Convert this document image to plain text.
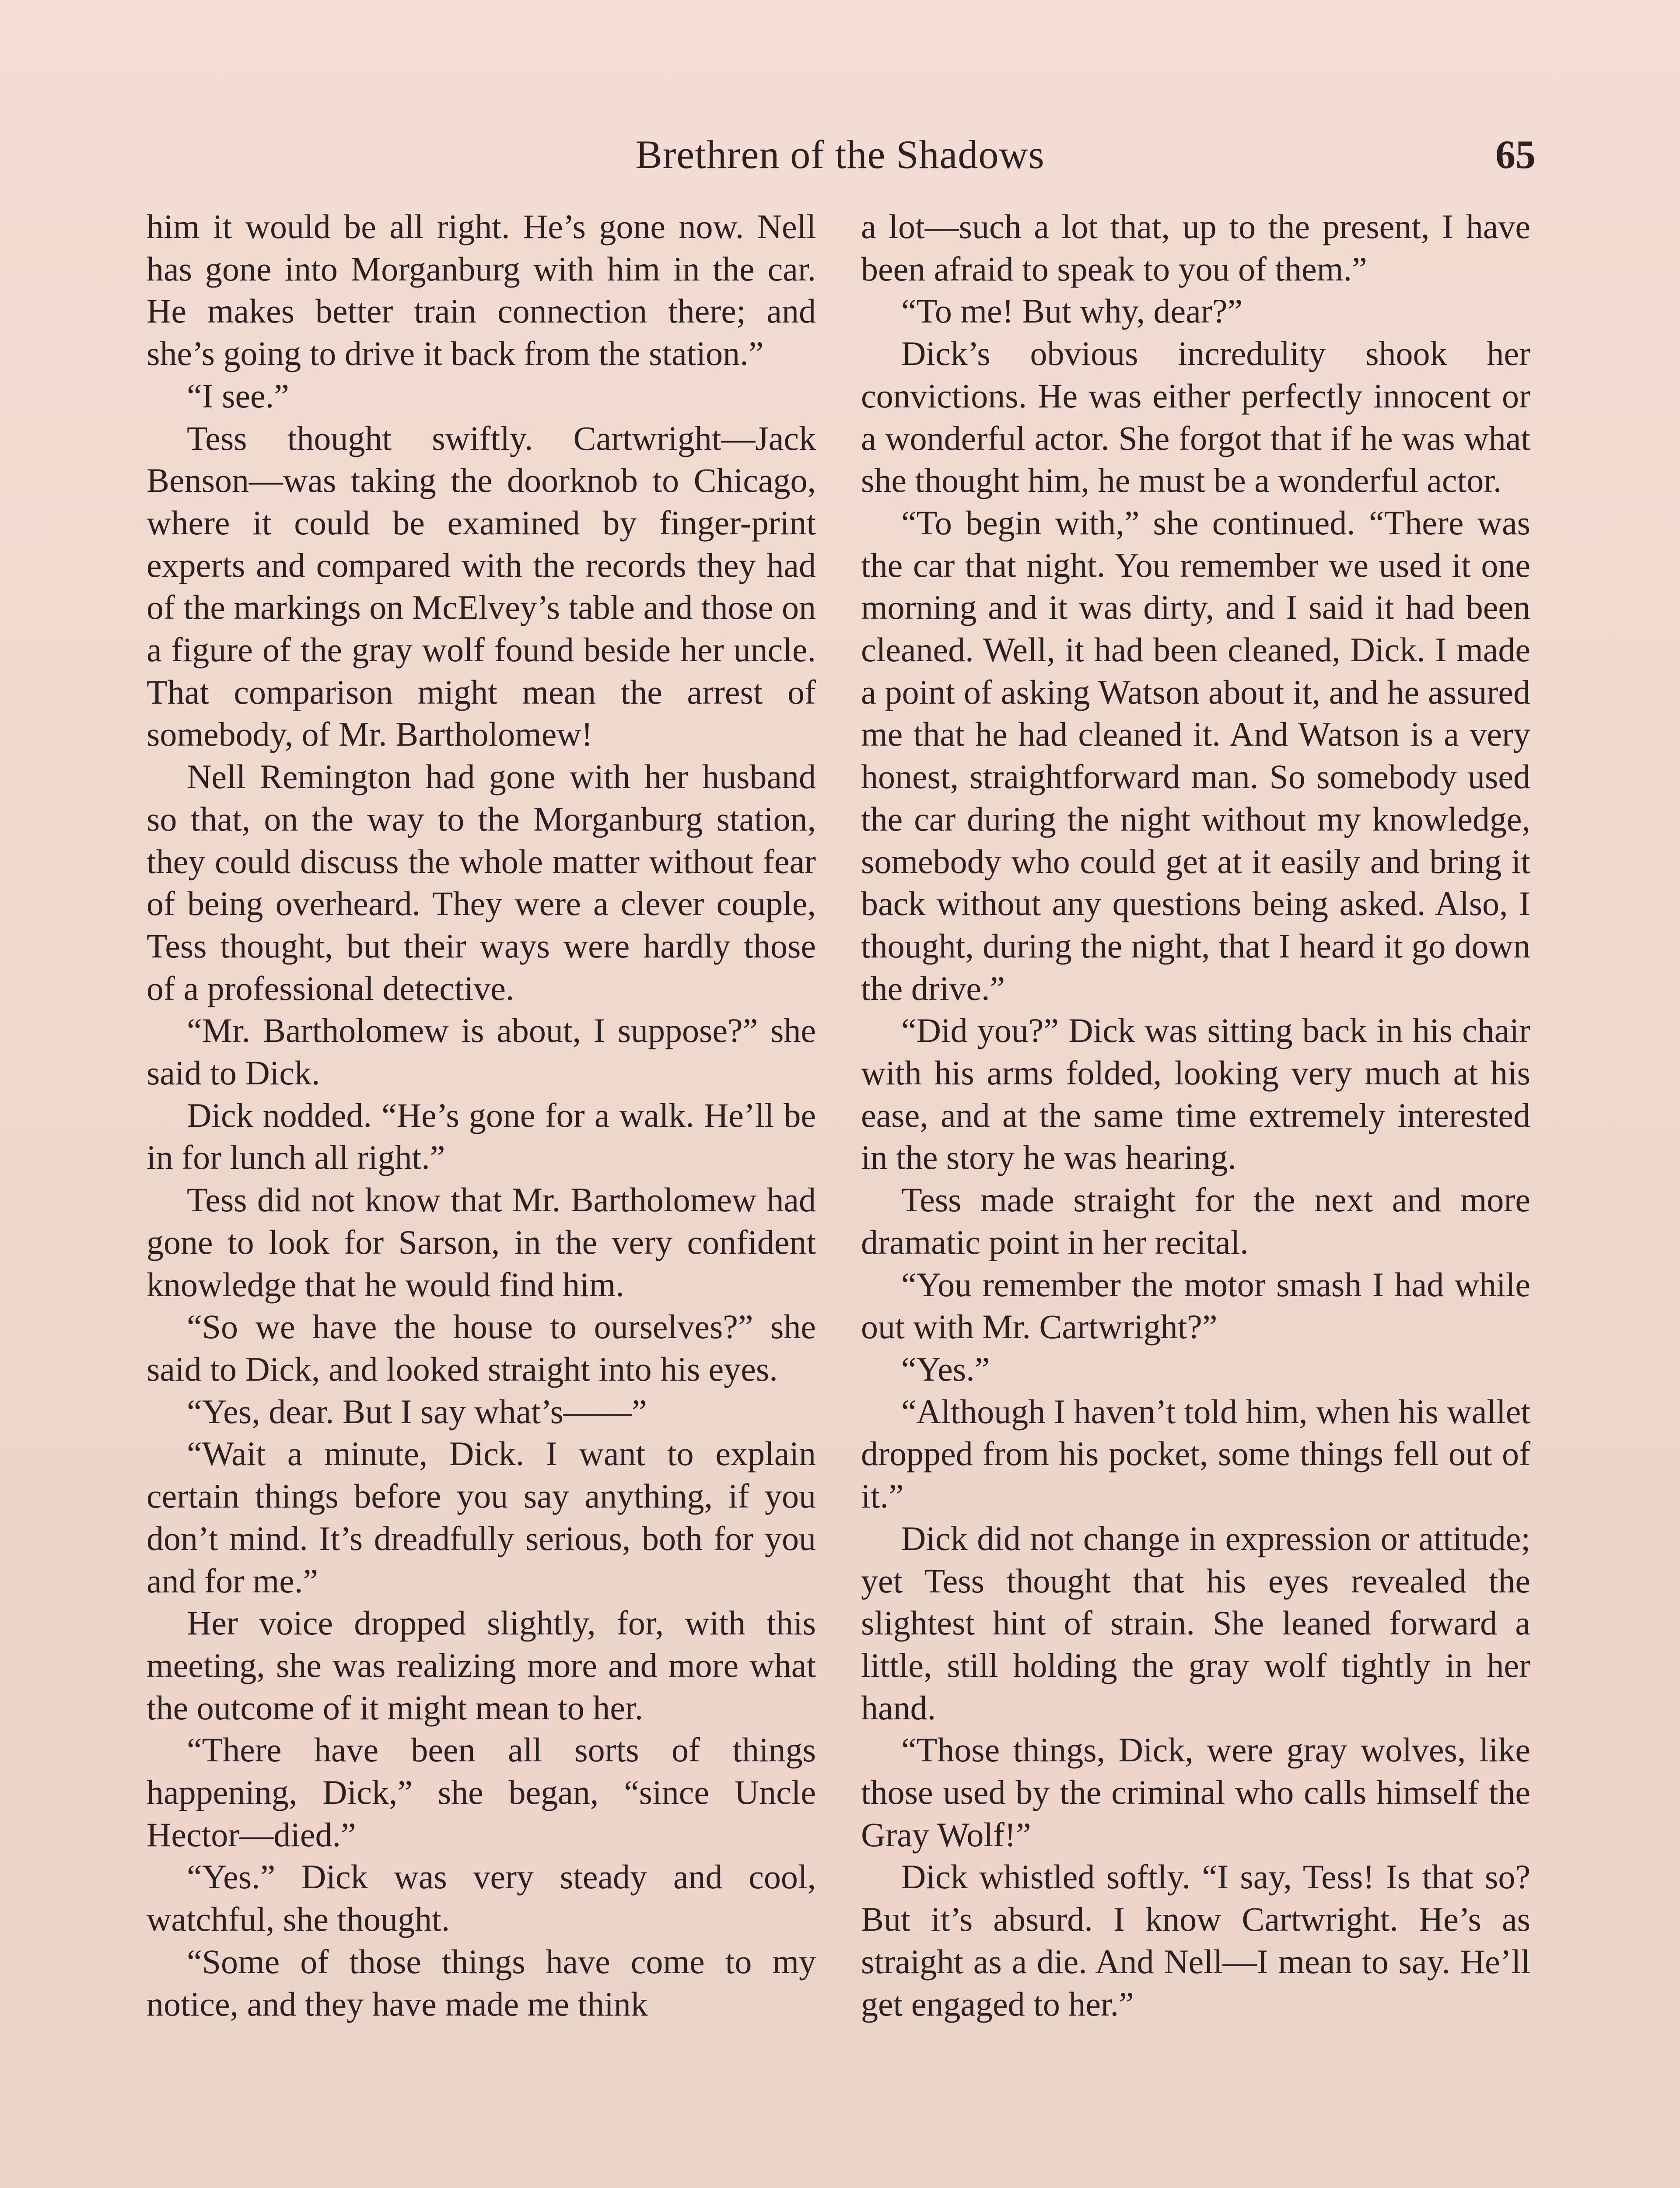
Brethren of the Shadows	65

him it would be all right. He’s gone now. Nell has gone into Morganburg with him in the car. He makes better train connection there; and she’s going to drive it back from the station.”

“I see.”

Tess thought swiftly. Cartwright—Jack Benson—was taking the doorknob to Chicago, where it could be examined by finger-print experts and compared with the records they had of the markings on McElvey’s table and those on a figure of the gray wolf found beside her uncle. That comparison might mean the arrest of somebody, of Mr. Bartholomew!

Nell Remington had gone with her husband so that, on the way to the Morganburg station, they could discuss the whole matter without fear of being overheard. They were a clever couple, Tess thought, but their ways were hardly those of a professional detective.

“Mr. Bartholomew is about, I suppose?” she said to Dick.

Dick nodded. “He’s gone for a walk. He’ll be in for lunch all right.”

Tess did not know that Mr. Bartholomew had gone to look for Sarson, in the very confident knowledge that he would find him.

“So we have the house to ourselves?” she said to Dick, and looked straight into his eyes.

“Yes, dear. But I say what’s——”

“Wait a minute, Dick. I want to explain certain things before you say anything, if you don’t mind. It’s dreadfully serious, both for you and for me.”

Her voice dropped slightly, for, with this meeting, she was realizing more and more what the outcome of it might mean to her.

“There have been all sorts of things happening, Dick,” she began, “since Uncle Hector—died.”

“Yes.” Dick was very steady and cool, watchful, she thought.

“Some of those things have come to my notice, and they have made me think

a lot—such a lot that, up to the present, I have been afraid to speak to you of them.”

“To me! But why, dear?”

Dick’s obvious incredulity shook her convictions. He was either perfectly innocent or a wonderful actor. She forgot that if he was what she thought him, he must be a wonderful actor.

“To begin with,” she continued. “There was the car that night. You remember we used it one morning and it was dirty, and I said it had been cleaned. Well, it had been cleaned, Dick. I made a point of asking Watson about it, and he assured me that he had cleaned it. And Watson is a very honest, straightforward man. So somebody used the car during the night without my knowledge, somebody who could get at it easily and bring it back without any questions being asked. Also, I thought, during the night, that I heard it go down the drive.”

“Did you?” Dick was sitting back in his chair with his arms folded, looking very much at his ease, and at the same time extremely interested in the story he was hearing.

Tess made straight for the next and more dramatic point in her recital.

“You remember the motor smash I had while out with Mr. Cartwright?”

“Yes.”

“Although I haven’t told him, when his wallet dropped from his pocket, some things fell out of it.”

Dick did not change in expression or attitude; yet Tess thought that his eyes revealed the slightest hint of strain. She leaned forward a little, still holding the gray wolf tightly in her hand.

“Those things, Dick, were gray wolves, like those used by the criminal who calls himself the Gray Wolf!”

Dick whistled softly. “I say, Tess! Is that so? But it’s absurd. I know Cartwright. He’s as straight as a die. And Nell—I mean to say. He’ll get engaged to her.”
